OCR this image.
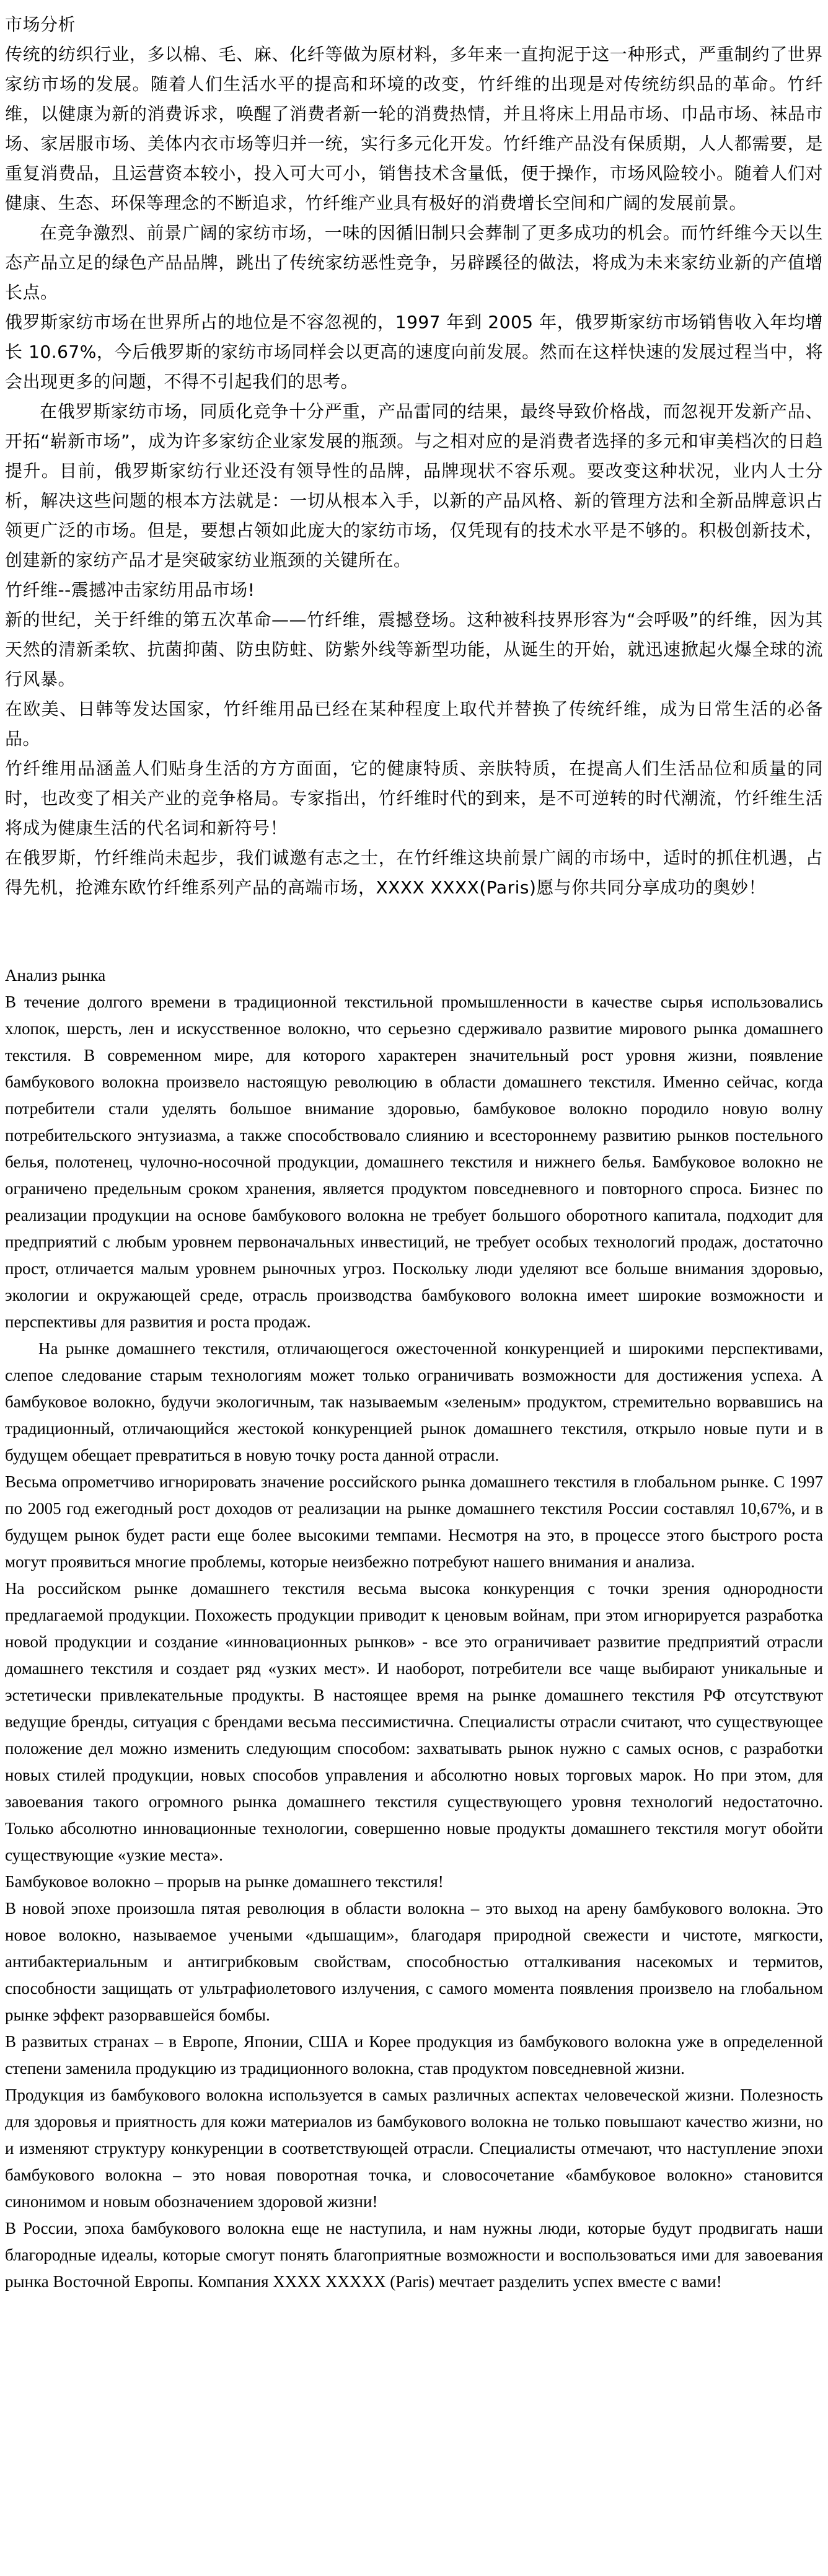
市场分析

传统的纺织行业，多以棉、毛、麻、化纤等做为原材料，多年来一直拘泥于这一种形式，严重制约了世界家纺市场的发展。随着人们生活水平的提高和环境的改变，竹纤维的出现是对传统纺织品的革命。竹纤维，以健康为新的消费诉求，唤醒了消费者新一轮的消费热情，并且将床上用品市场、巾品市场、袜品市场、家居服市场、美体内衣市场等归并一统，实行多元化开发。竹纤维产品没有保质期，人人都需要，是重复消费品，且运营资本较小，投入可大可小，销售技术含量低，便于操作，市场风险较小。随着人们对健康、生态、环保等理念的不断追求，竹纤维产业具有极好的消费增长空间和广阔的发展前景。

在竞争激烈、前景广阔的家纺市场，一味的因循旧制只会葬制了更多成功的机会。而竹纤维今天以生态产品立足的绿色产品品牌，跳出了传统家纺恶性竞争，另辟蹊径的做法，将成为未来家纺业新的产值增长点。

俄罗斯家纺市场在世界所占的地位是不容忽视的，1997 年到 2005 年，俄罗斯家纺市场销售收入年均增长 10.67%，今后俄罗斯的家纺市场同样会以更高的速度向前发展。然而在这样快速的发展过程当中，将会出现更多的问题，不得不引起我们的思考。

在俄罗斯家纺市场，同质化竞争十分严重，产品雷同的结果，最终导致价格战，而忽视开发新产品、开拓“崭新市场”，成为许多家纺企业家发展的瓶颈。与之相对应的是消费者选择的多元和审美档次的日趋提升。目前，俄罗斯家纺行业还没有领导性的品牌，品牌现状不容乐观。要改变这种状况，业内人士分析，解决这些问题的根本方法就是：一切从根本入手，以新的产品风格、新的管理方法和全新品牌意识占领更广泛的市场。但是，要想占领如此庞大的家纺市场，仅凭现有的技术水平是不够的。积极创新技术，创建新的家纺产品才是突破家纺业瓶颈的关键所在。

竹纤维--震撼冲击家纺用品市场!

新的世纪，关于纤维的第五次革命——竹纤维，震撼登场。这种被科技界形容为“会呼吸”的纤维，因为其天然的清新柔软、抗菌抑菌、防虫防蛀、防紫外线等新型功能，从诞生的开始，就迅速掀起火爆全球的流行风暴。

在欧美、日韩等发达国家，竹纤维用品已经在某种程度上取代并替换了传统纤维，成为日常生活的必备品。

竹纤维用品涵盖人们贴身生活的方方面面，它的健康特质、亲肤特质，在提高人们生活品位和质量的同时，也改变了相关产业的竞争格局。专家指出，竹纤维时代的到来，是不可逆转的时代潮流，竹纤维生活将成为健康生活的代名词和新符号！

在俄罗斯，竹纤维尚未起步，我们诚邀有志之士，在竹纤维这块前景广阔的市场中，适时的抓住机遇，占得先机，抢滩东欧竹纤维系列产品的高端市场，XXXX XXXX(Paris)愿与你共同分享成功的奥妙！

Анализ рынка

В течение долгого времени в традиционной текстильной промышленности в качестве сырья использовались хлопок, шерсть, лен и искусственное волокно, что серьезно сдерживало развитие мирового рынка домашнего текстиля. В современном мире, для которого характерен значительный рост уровня жизни, появление бамбукового волокна произвело настоящую революцию в области домашнего текстиля. Именно сейчас, когда потребители стали уделять большое внимание здоровью, бамбуковое волокно породило новую волну потребительского энтузиазма, а также способствовало слиянию и всестороннему развитию рынков постельного белья, полотенец, чулочно-носочной продукции, домашнего текстиля и нижнего белья. Бамбуковое волокно не ограничено предельным сроком хранения, является продуктом повседневного и повторного спроса. Бизнес по реализации продукции на основе бамбукового волокна не требует большого оборотного капитала, подходит для предприятий с любым уровнем первоначальных инвестиций, не требует особых технологий продаж, достаточно прост, отличается малым уровнем рыночных угроз. Поскольку люди уделяют все больше внимания здоровью, экологии и окружающей среде, отрасль производства бамбукового волокна имеет широкие возможности и перспективы для развития и роста продаж.

На рынке домашнего текстиля, отличающегося ожесточенной конкуренцией и широкими перспективами, слепое следование старым технологиям может только ограничивать возможности для достижения успеха. А бамбуковое волокно, будучи экологичным, так называемым «зеленым» продуктом, стремительно ворвавшись на традиционный, отличающийся жестокой конкуренцией рынок домашнего текстиля, открыло новые пути и в будущем обещает превратиться в новую точку роста данной отрасли.

Весьма опрометчиво игнорировать значение российского рынка домашнего текстиля в глобальном рынке. С 1997 по 2005 год ежегодный рост доходов от реализации на рынке домашнего текстиля России составлял 10,67%, и в будущем рынок будет расти еще более высокими темпами. Несмотря на это, в процессе этого быстрого роста могут проявиться многие проблемы, которые неизбежно потребуют нашего внимания и анализа.

На российском рынке домашнего текстиля весьма высока конкуренция с точки зрения однородности предлагаемой продукции. Похожесть продукции приводит к ценовым войнам, при этом игнорируется разработка новой продукции и создание «инновационных рынков» - все это ограничивает развитие предприятий отрасли домашнего текстиля и создает ряд «узких мест». И наоборот, потребители все чаще выбирают уникальные и эстетически привлекательные продукты. В настоящее время на рынке домашнего текстиля РФ отсутствуют ведущие бренды, ситуация с брендами весьма пессимистична. Специалисты отрасли считают, что существующее положение дел можно изменить следующим способом: захватывать рынок нужно с самых основ, с разработки новых стилей продукции, новых способов управления и абсолютно новых торговых марок. Но при этом, для завоевания такого огромного рынка домашнего текстиля существующего уровня технологий недостаточно. Только абсолютно инновационные технологии, совершенно новые продукты домашнего текстиля могут обойти существующие «узкие места».

Бамбуковое волокно – прорыв на рынке домашнего текстиля!

В новой эпохе произошла пятая революция в области волокна – это выход на арену бамбукового волокна. Это новое волокно, называемое учеными «дышащим», благодаря природной свежести и чистоте, мягкости, антибактериальным и антигрибковым свойствам, способностью отталкивания насекомых и термитов, способности защищать от ультрафиолетового излучения, с самого момента появления произвело на глобальном рынке эффект разорвавшейся бомбы.

В развитых странах – в Европе, Японии, США и Корее продукция из бамбукового волокна уже в определенной степени заменила продукцию из традиционного волокна, став продуктом повседневной жизни.

Продукция из бамбукового волокна используется в самых различных аспектах человеческой жизни. Полезность для здоровья и приятность для кожи материалов из бамбукового волокна не только повышают качество жизни, но и изменяют структуру конкуренции в соответствующей отрасли. Специалисты отмечают, что наступление эпохи бамбукового волокна – это новая поворотная точка, и словосочетание «бамбуковое волокно» становится синонимом и новым обозначением здоровой жизни!

В России, эпоха бамбукового волокна еще не наступила, и нам нужны люди, которые будут продвигать наши благородные идеалы, которые смогут понять благоприятные возможности и воспользоваться ими для завоевания рынка Восточной Европы. Компания XXXX XXXXX (Paris) мечтает разделить успех вместе с вами!
